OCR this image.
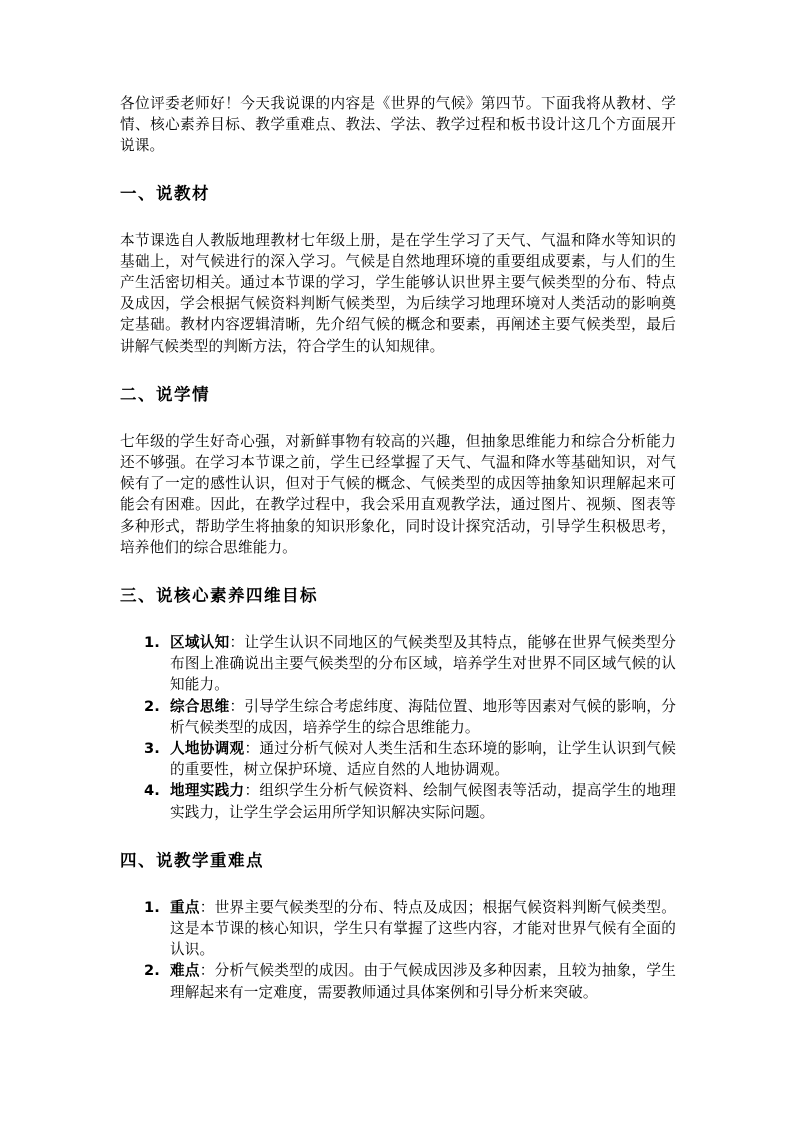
各位评委老师好！今天我说课的内容是《世界的气候》第四节。下面我将从教材、学情、核心素养目标、教学重难点、教法、学法、教学过程和板书设计这几个方面展开说课。

一、说教材

本节课选自人教版地理教材七年级上册，是在学生学习了天气、气温和降水等知识的基础上，对气候进行的深入学习。气候是自然地理环境的重要组成要素，与人们的生产生活密切相关。通过本节课的学习，学生能够认识世界主要气候类型的分布、特点及成因，学会根据气候资料判断气候类型，为后续学习地理环境对人类活动的影响奠定基础。教材内容逻辑清晰，先介绍气候的概念和要素，再阐述主要气候类型，最后讲解气候类型的判断方法，符合学生的认知规律。

二、说学情

七年级的学生好奇心强，对新鲜事物有较高的兴趣，但抽象思维能力和综合分析能力还不够强。在学习本节课之前，学生已经掌握了天气、气温和降水等基础知识，对气候有了一定的感性认识，但对于气候的概念、气候类型的成因等抽象知识理解起来可能会有困难。因此，在教学过程中，我会采用直观教学法，通过图片、视频、图表等多种形式，帮助学生将抽象的知识形象化，同时设计探究活动，引导学生积极思考，培养他们的综合思维能力。

三、说核心素养四维目标
1. 区域认知：让学生认识不同地区的气候类型及其特点，能够在世界气候类型分布图上准确说出主要气候类型的分布区域，培养学生对世界不同区域气候的认知能力。
2. 综合思维：引导学生综合考虑纬度、海陆位置、地形等因素对气候的影响，分析气候类型的成因，培养学生的综合思维能力。
3. 人地协调观：通过分析气候对人类生活和生态环境的影响，让学生认识到气候的重要性，树立保护环境、适应自然的人地协调观。
4. 地理实践力：组织学生分析气候资料、绘制气候图表等活动，提高学生的地理实践力，让学生学会运用所学知识解决实际问题。
四、说教学重难点
1. 重点：世界主要气候类型的分布、特点及成因；根据气候资料判断气候类型。这是本节课的核心知识，学生只有掌握了这些内容，才能对世界气候有全面的认识。
2. 难点：分析气候类型的成因。由于气候成因涉及多种因素，且较为抽象，学生理解起来有一定难度，需要教师通过具体案例和引导分析来突破。
